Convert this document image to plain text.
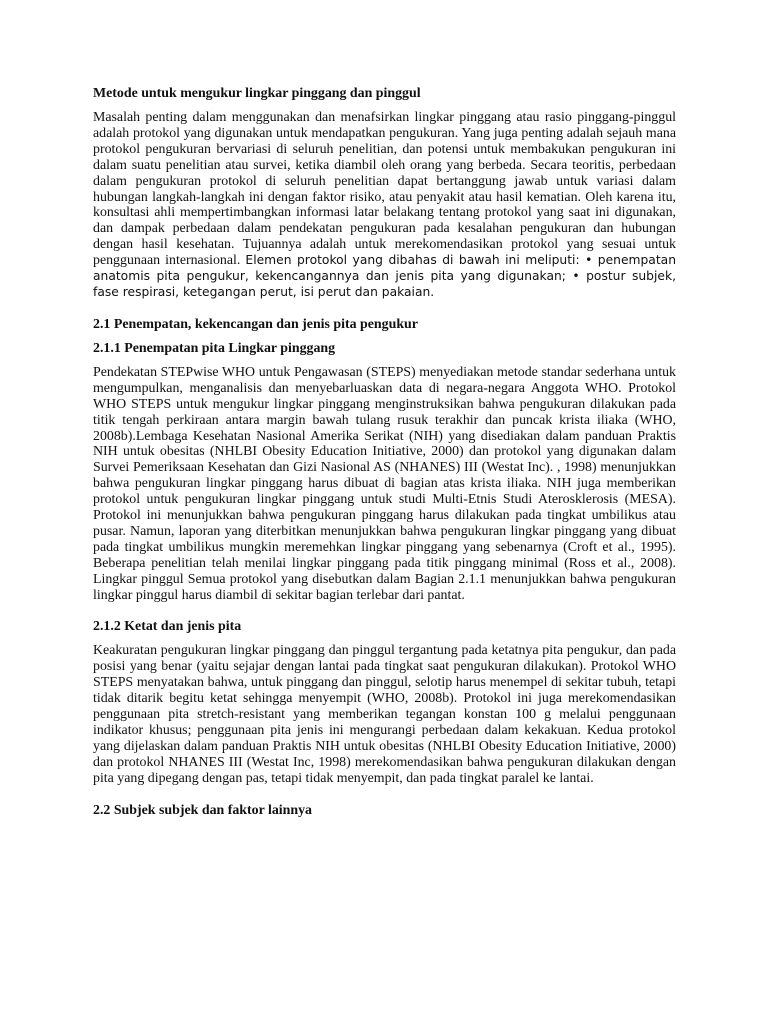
Metode untuk mengukur lingkar pinggang dan pinggul

Masalah penting dalam menggunakan dan menafsirkan lingkar pinggang atau rasio pinggang-pinggul adalah protokol yang digunakan untuk mendapatkan pengukuran. Yang juga penting adalah sejauh mana protokol pengukuran bervariasi di seluruh penelitian, dan potensi untuk membakukan pengukuran ini dalam suatu penelitian atau survei, ketika diambil oleh orang yang berbeda. Secara teoritis, perbedaan dalam pengukuran protokol di seluruh penelitian dapat bertanggung jawab untuk variasi dalam hubungan langkah-langkah ini dengan faktor risiko, atau penyakit atau hasil kematian. Oleh karena itu, konsultasi ahli mempertimbangkan informasi latar belakang tentang protokol yang saat ini digunakan, dan dampak perbedaan dalam pendekatan pengukuran pada kesalahan pengukuran dan hubungan dengan hasil kesehatan. Tujuannya adalah untuk merekomendasikan protokol yang sesuai untuk penggunaan internasional. Elemen protokol yang dibahas di bawah ini meliputi: • penempatan anatomis pita pengukur, kekencangannya dan jenis pita yang digunakan; • postur subjek, fase respirasi, ketegangan perut, isi perut dan pakaian.

2.1 Penempatan, kekencangan dan jenis pita pengukur
2.1.1 Penempatan pita Lingkar pinggang

Pendekatan STEPwise WHO untuk Pengawasan (STEPS) menyediakan metode standar sederhana untuk mengumpulkan, menganalisis dan menyebarluaskan data di negara-negara Anggota WHO. Protokol WHO STEPS untuk mengukur lingkar pinggang menginstruksikan bahwa pengukuran dilakukan pada titik tengah perkiraan antara margin bawah tulang rusuk terakhir dan puncak krista iliaka (WHO, 2008b).Lembaga Kesehatan Nasional Amerika Serikat (NIH) yang disediakan dalam panduan Praktis NIH untuk obesitas (NHLBI Obesity Education Initiative, 2000) dan protokol yang digunakan dalam Survei Pemeriksaan Kesehatan dan Gizi Nasional AS (NHANES) III (Westat Inc). , 1998) menunjukkan bahwa pengukuran lingkar pinggang harus dibuat di bagian atas krista iliaka. NIH juga memberikan protokol untuk pengukuran lingkar pinggang untuk studi Multi-Etnis Studi Aterosklerosis (MESA). Protokol ini menunjukkan bahwa pengukuran pinggang harus dilakukan pada tingkat umbilikus atau pusar. Namun, laporan yang diterbitkan menunjukkan bahwa pengukuran lingkar pinggang yang dibuat pada tingkat umbilikus mungkin meremehkan lingkar pinggang yang sebenarnya (Croft et al., 1995). Beberapa penelitian telah menilai lingkar pinggang pada titik pinggang minimal (Ross et al., 2008). Lingkar pinggul Semua protokol yang disebutkan dalam Bagian 2.1.1 menunjukkan bahwa pengukuran lingkar pinggul harus diambil di sekitar bagian terlebar dari pantat.

2.1.2 Ketat dan jenis pita

Keakuratan pengukuran lingkar pinggang dan pinggul tergantung pada ketatnya pita pengukur, dan pada posisi yang benar (yaitu sejajar dengan lantai pada tingkat saat pengukuran dilakukan). Protokol WHO STEPS menyatakan bahwa, untuk pinggang dan pinggul, selotip harus menempel di sekitar tubuh, tetapi tidak ditarik begitu ketat sehingga menyempit (WHO, 2008b). Protokol ini juga merekomendasikan penggunaan pita stretch-resistant yang memberikan tegangan konstan 100 g melalui penggunaan indikator khusus; penggunaan pita jenis ini mengurangi perbedaan dalam kekakuan. Kedua protokol yang dijelaskan dalam panduan Praktis NIH untuk obesitas (NHLBI Obesity Education Initiative, 2000) dan protokol NHANES III (Westat Inc, 1998) merekomendasikan bahwa pengukuran dilakukan dengan pita yang dipegang dengan pas, tetapi tidak menyempit, dan pada tingkat paralel ke lantai.

2.2 Subjek subjek dan faktor lainnya
